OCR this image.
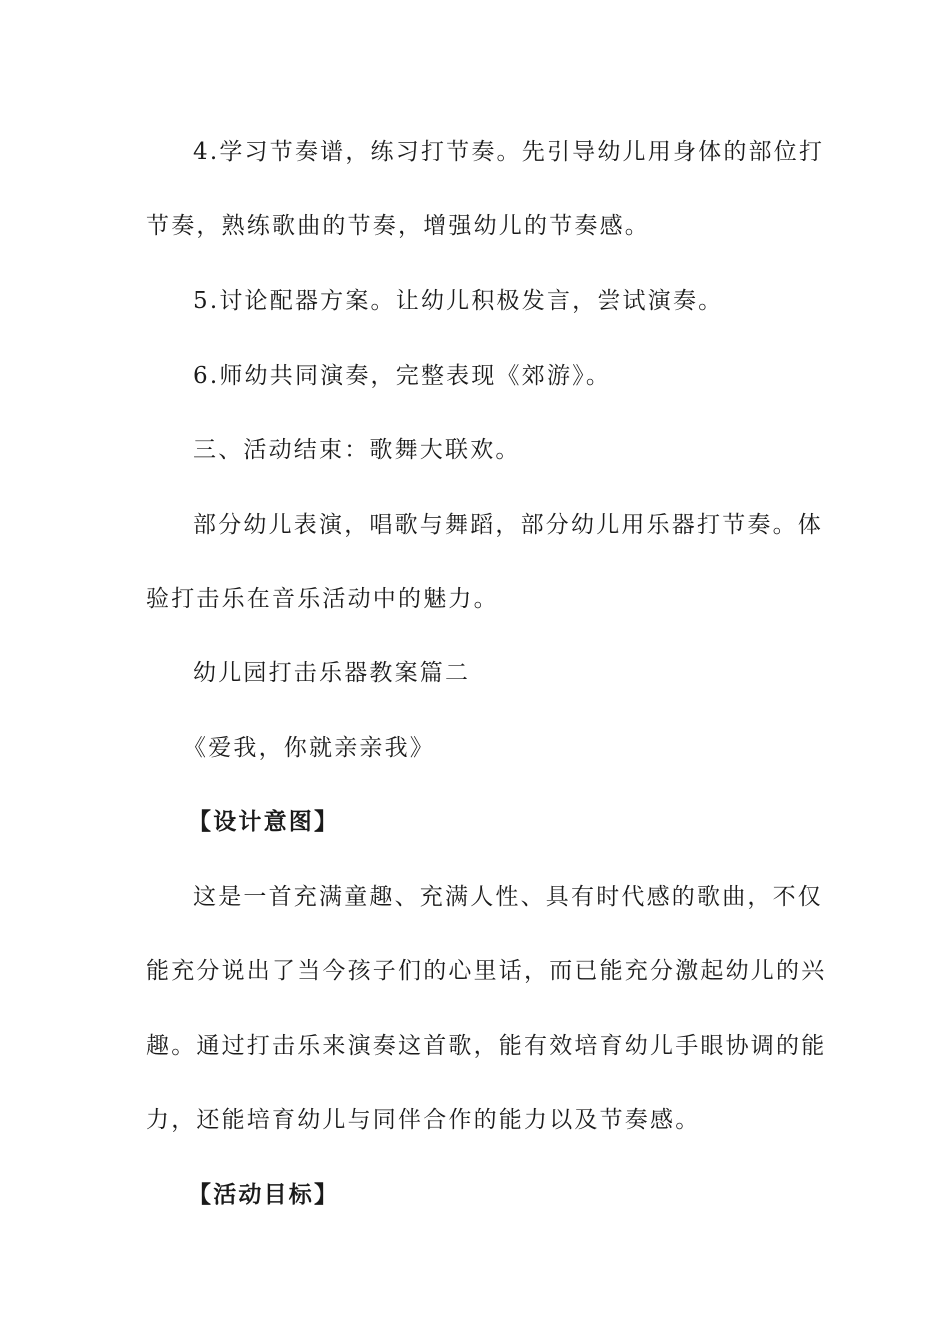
4.学习节奏谱，练习打节奏。先引导幼儿用身体的部位打
节奏，熟练歌曲的节奏，增强幼儿的节奏感。
5.讨论配器方案。让幼儿积极发言，尝试演奏。
6.师幼共同演奏，完整表现《郊游》。
三、活动结束：歌舞大联欢。
部分幼儿表演，唱歌与舞蹈，部分幼儿用乐器打节奏。体
验打击乐在音乐活动中的魅力。
幼儿园打击乐器教案篇二
《爱我，你就亲亲我》
【设计意图】
这是一首充满童趣、充满人性、具有时代感的歌曲，不仅
能充分说出了当今孩子们的心里话，而已能充分激起幼儿的兴
趣。通过打击乐来演奏这首歌，能有效培育幼儿手眼协调的能
力，还能培育幼儿与同伴合作的能力以及节奏感。
【活动目标】
